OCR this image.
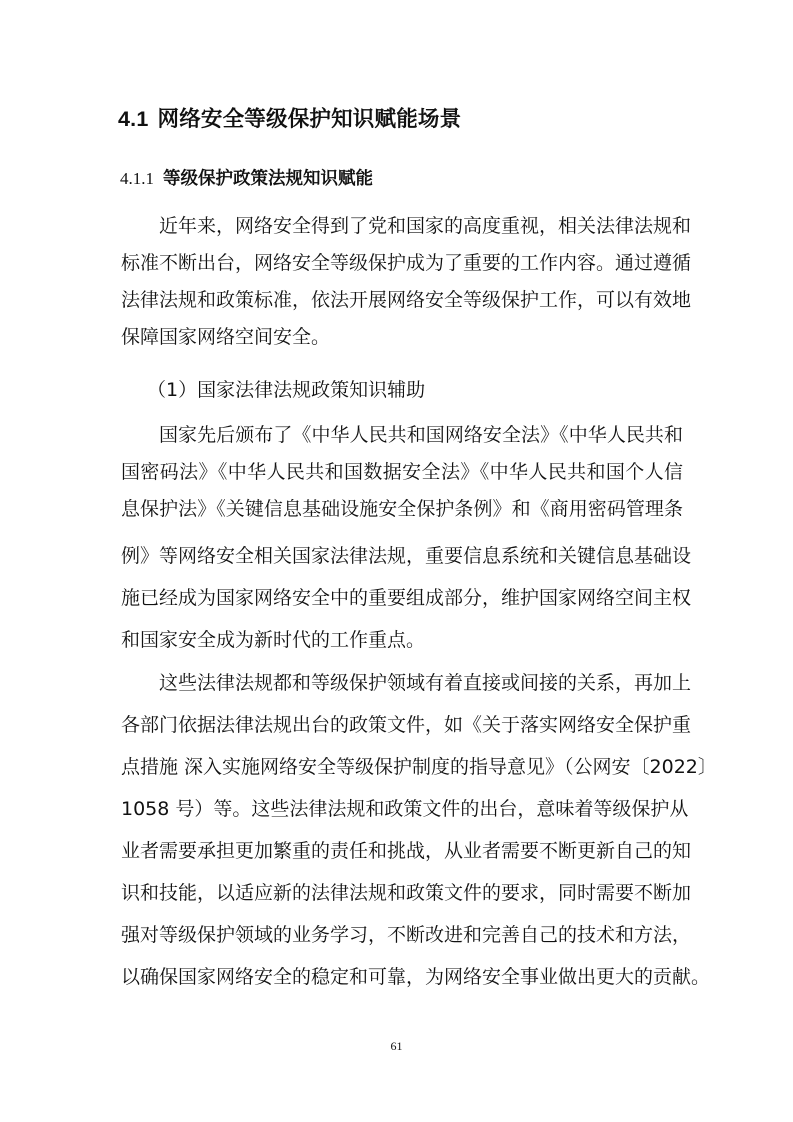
4.1 网络安全等级保护知识赋能场景
4.1.1 等级保护政策法规知识赋能
近年来，网络安全得到了党和国家的高度重视，相关法律法规和
标准不断出台，网络安全等级保护成为了重要的工作内容。通过遵循
法律法规和政策标准，依法开展网络安全等级保护工作，可以有效地
保障国家网络空间安全。
（1）国家法律法规政策知识辅助
国家先后颁布了《中华人民共和国网络安全法》《中华人民共和
国密码法》《中华人民共和国数据安全法》《中华人民共和国个人信
息保护法》《关键信息基础设施安全保护条例》和《商用密码管理条
例》等网络安全相关国家法律法规，重要信息系统和关键信息基础设
施已经成为国家网络安全中的重要组成部分，维护国家网络空间主权
和国家安全成为新时代的工作重点。
这些法律法规都和等级保护领域有着直接或间接的关系，再加上
各部门依据法律法规出台的政策文件，如《关于落实网络安全保护重
点措施 深入实施网络安全等级保护制度的指导意见》（公网安〔2022〕
1058 号）等。这些法律法规和政策文件的出台，意味着等级保护从
业者需要承担更加繁重的责任和挑战，从业者需要不断更新自己的知
识和技能，以适应新的法律法规和政策文件的要求，同时需要不断加
强对等级保护领域的业务学习，不断改进和完善自己的技术和方法，
以确保国家网络安全的稳定和可靠，为网络安全事业做出更大的贡献。
61
